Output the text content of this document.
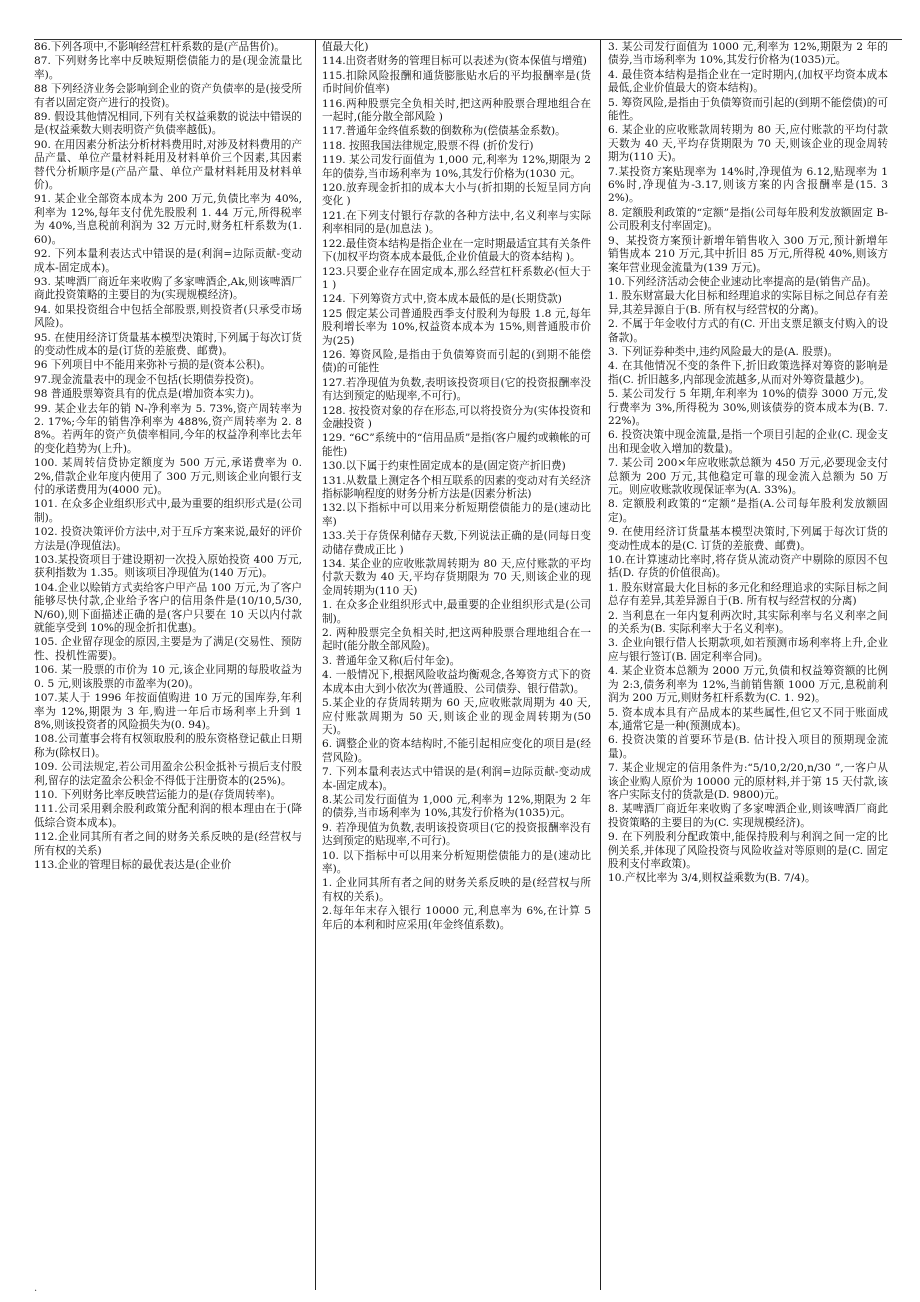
86.下列各项中,不影响经营杠杆系数的是(产品售价)。

87. 下列财务比率中反映短期偿债能力的是(现金流量比率)。

88 下列经济业务会影响到企业的资产负债率的是(接受所有者以固定资产进行的投资)。

89. 假设其他情况相同,下列有关权益乘数的说法中错误的是(权益乘数大则表明资产负债率越低)。

90. 在用因素分析法分析材料费用时,对涉及材料费用的产品产量、单位产量材料耗用及材料单价三个因素,其因素替代分析顺序是(产品产量、单位产量材料耗用及材料单价)。

91. 某企业全部资本成本为 200 万元,负债比率为 40%,利率为 12%,每年支付优先股股利 1. 44 万元,所得税率为 40%,当息税前利润为 32 万元时,财务杠杆系数为(1. 60)。

92. 下列本量利表达式中错误的是(利润=边际贡献-变动成本-固定成本)。

93. 某啤酒厂商近年来收购了多家啤酒企,Ak,则该啤酒厂商此投资策略的主要目的为(实现规模经济)。

94. 如果投资组合中包括全部股票,则投资者(只承受市场风险)。

95. 在使用经济订货量基本模型决策时,下列属于每次订货的变动性成本的是(订货的差旅费、邮费)。

96 下列项目中不能用来弥补亏损的是(资本公积)。

97.现金流量表中的现金不包括(长期债券投资)。

98 普通股票筹资具有的优点是(增加资本实力)。

99. 某企业去年的销 N-净利率为 5. 73%,资产周转率为 2. 17%;今年的销售净利率为 488%,资产周转率为 2. 88%。若两年的资产负债率相同,今年的权益净利率比去年的变化趋势为(上升)。

100. 某周转信贷协定额度为 500 万元,承诺费率为 0. 2%,借款企业年度内使用了 300 万元,则该企业向银行支付的承诺费用为(4000 元)。

101. 在众多企业组织形式中,最为重要的组织形式是(公司制)。

102. 投资决策评价方法中,对于互斥方案来说,最好的评价方法是(净现值法)。

103.某投资项目于建设期初一次投入原始投资 400 万元,获利指数为 1.35。则该项目净现值为(140 万元)。

104.企业以赊销方式卖给客户甲产品 100 万元,为了客户能够尽快付款,企业给予客户的信用条件是(10/10,5/30,N/60),则下面描述正确的是(客户只要在 10 天以内付款就能享受到 10%的现金折扣优惠)。

105. 企业留存现金的原因,主要是为了满足(交易性、预防性、投机性需要)。

106. 某一股票的市价为 10 元,该企业同期的每股收益为 0. 5 元,则该股票的市盈率为(20)。

107.某人于 1996 年按面值购进 10 万元的国库券,年利率为 12%,期限为 3 年,购进一年后市场利率上升到 18%,则该投资者的风险损失为(0. 94)。

108.公司董事会将有权领取股利的股东资格登记截止日期称为(除权日)。

109. 公司法规定,若公司用盈余公积金抵补亏损后支付股利,留存的法定盈余公积金不得低于注册资本的(25%)。

110. 下列财务比率反映营运能力的是(存货周转率)。

111.公司采用剩余股利政策分配利润的根本理由在于(降低综合资本成本)。

112.企业同其所有者之间的财务关系反映的是(经营权与所有权的关系)

113.企业的管理目标的最优表达是(企业价

值最大化)

114.出资者财务的管理目标可以表述为(资本保值与增殖)

115.扣除风险报酬和通货膨胀贴水后的平均报酬率是(货币时间价值率)

116.两种股票完全负相关时,把这两种股票合理地组合在一起时,(能分散全部风险 )

117.普通年金终值系数的倒数称为(偿债基金系数)。

118. 按照我国法律规定,股票不得 (折价发行)

119. 某公司发行面值为 1,000 元,利率为 12%,期限为 2 年的债券,当市场利率为 10%,其发行价格为(1030 元。

120.放弃现金折扣的成本大小与(折扣期的长短呈同方向变化 )

121.在下列支付银行存款的各种方法中,名义利率与实际利率相同的是(加息法 )。

122.最佳资本结构是指企业在一定时期最适宜其有关条件下(加权平均资本成本最低,企业价值最大的资本结构 )。

123.只要企业存在固定成本,那么经营杠杆系数必(恒大于 1 )

124. 下列筹资方式中,资本成本最低的是(长期贷款)

125 假定某公司普通股西季支付股利为每股 1.8 元,每年股利增长率为 10%,权益资本成本为 15%,则普通股市价为(25)

126. 筹资风险,是指由于负债筹资而引起的(到期不能偿债)的可能性

127.若净现值为负数,表明该投资项目(它的投资报酬率没有达到预定的贴现率,不可行)。

128. 按投资对象的存在形态,可以将投资分为(实体投资和金融投资 )

129. “6C”系统中的“信用品质”是指(客户履约或赖帐的可能性)

130.以下属于约束性固定成本的是(固定资产折旧费)

131.从数量上测定各个相互联系的因素的变动对有关经济指标影响程度的财务分析方法是(因素分析法)

132.以下指标中可以用来分析短期偿债能力的是(速动比率)

133.关于存货保利储存天数,下列说法正确的是(同每日变动储存费成正比 )

134. 某企业的应收账款周转期为 80 天,应付账款的平均付款天数为 40 天,平均存货期限为 70 天,则该企业的现金周转期为(110 天)

1. 在众多企业组织形式中,最重要的企业组织形式是(公司制)。

2. 两种股票完全负相关时,把这两种股票合理地组合在一起时(能分散全部风险)。

3. 普通年金又称(后付年金)。

4. 一般情况下,根据风险收益均衡观念,各筹资方式下的资本成本由大到小依次为(普通股、公司债券、银行借款)。

5.某企业的存货周转期为 60 天,应收账款周期为 40 天,应付账款周期为 50 天,则该企业的现金周转期为(50 天)。

6. 调整企业的资本结构时,不能引起相应变化的项目是(经营风险)。

7. 下列本量利表达式中错误的是(利润=边际贡献-变动成本-固定成本)。

8.某公司发行面值为 1,000 元,利率为 12%,期限为 2 年的债券,当市场利率为 10%,其发行价格为(1035)元。

9. 若净现值为负数,表明该投资项目(它的投资报酬率没有达到预定的贴现率,不可行)。

10. 以下指标中可以用来分析短期偿债能力的是(速动比率)。

1. 企业同其所有者之间的财务关系反映的是(经营权与所有权的关系)。

2.每年年末存入银行 10000 元,利息率为 6%,在计算 5 年后的本利和时应采用(年金终值系数)。

3. 某公司发行面值为 1000 元,利率为 12%,期限为 2 年的债券,当市场利率为 10%,其发行价格为(1035)元。

4. 最佳资本结构是指企业在一定时期内,(加权平均资本成本最低,企业价值最大的资本结构)。

5. 筹资风险,是指由于负债筹资而引起的(到期不能偿债)的可能性。

6. 某企业的应收账款周转期为 80 天,应付账款的平均付款天数为 40 天,平均存货期限为 70 天,则该企业的现金周转期为(110 天)。

7.某投资方案贴现率为 14%时,净现值为 6.12,贴现率为 16%时,净现值为-3.17,则该方案的内含报酬率是(15. 32%)。

8. 定额股利政策的“定额”是指(公司每年股利发放额固定 B-公司股利支付率固定)。

9、某投资方案预计新增年销售收入 300 万元,预计新增年销售成本 210 万元,其中折旧 85 万元,所得税 40%,则该方案年营业现金流量为(139 万元)。

10.下列经济活动会使企业速动比率提高的是(销售产品)。

1. 股东财富最大化目标和经理追求的实际目标之间总存有差异,其差异源自于(B. 所有权与经营权的分离)。

2. 不属于年金收付方式的有(C. 开出支票足额支付购入的设备款)。

3. 下列证券种类中,违约风险最大的是(A. 股票)。

4. 在其他情况不变的条件下,折旧政策选择对筹资的影响是指(C. 折旧越多,内部现金流越多,从而对外筹资量越少)。

5. 某公司发行 5 年期,年利率为 10%的债券 3000 万元,发行费率为 3%,所得税为 30%,则该债券的资本成本为(B. 7. 22%)。

6. 投资决策中现金流量,是指一个项目引起的企业(C. 现金支出和现金收入增加的数量)。

7. 某公司 200×年应收账款总额为 450 万元,必要现金支付总额为 200 万元,其他稳定可靠的现金流入总额为 50 万元。则应收账款收现保证率为(A. 33%)。

8. 定额股利政策的“定额”是指(A.公司每年股利发放额固定)。

9. 在使用经济订货量基本模型决策时,下列属于每次订货的变动性成本的是(C. 订货的差旅费、邮费)。

10.在计算速动比率时,将存货从流动资产中剔除的原因不包括(D. 存货的价值很高)。

1. 股东财富最大化目标的多元化和经理追求的实际目标之间总存有差异,其差异源自于(B. 所有权与经营权的分离)

2. 当利息在一年内复利两次时,其实际利率与名义利率之间的关系为(B. 实际利率大于名义利率)。

3. 企业向银行借人长期款项,如若预测市场利率将上升,企业应与银行签订(B. 固定利率合同)。

4. 某企业资本总额为 2000 万元,负债和权益筹资额的比例为 2:3,债务利率为 12%,当前销售额 1000 万元,息税前利润为 200 万元,则财务杠杆系数为(C. 1. 92)。

5. 资本成本具有产品成本的某些属性,但它又不同于账面成本,通常它是一种(预测成本)。

6. 投资决策的首要环节是(B. 估计投入项目的预期现金流量)。

7. 某企业规定的信用条件为:“5/10,2/20,n/30 ”,一客户从该企业购人原价为 10000 元的原材料,并于第 15 天付款,该客户实际支付的货款是(D. 9800)元。

8. 某啤酒厂商近年来收购了多家啤酒企业,则该啤酒厂商此投资策略的主要目的为(C. 实现规模经济)。

9. 在下列股利分配政策中,能保持股利与利润之间一定的比例关系,并体现了风险投资与风险收益对等原则的是(C. 固定股利支付率政策)。

10.产权比率为 3/4,则权益乘数为(B. 7/4)。

.
